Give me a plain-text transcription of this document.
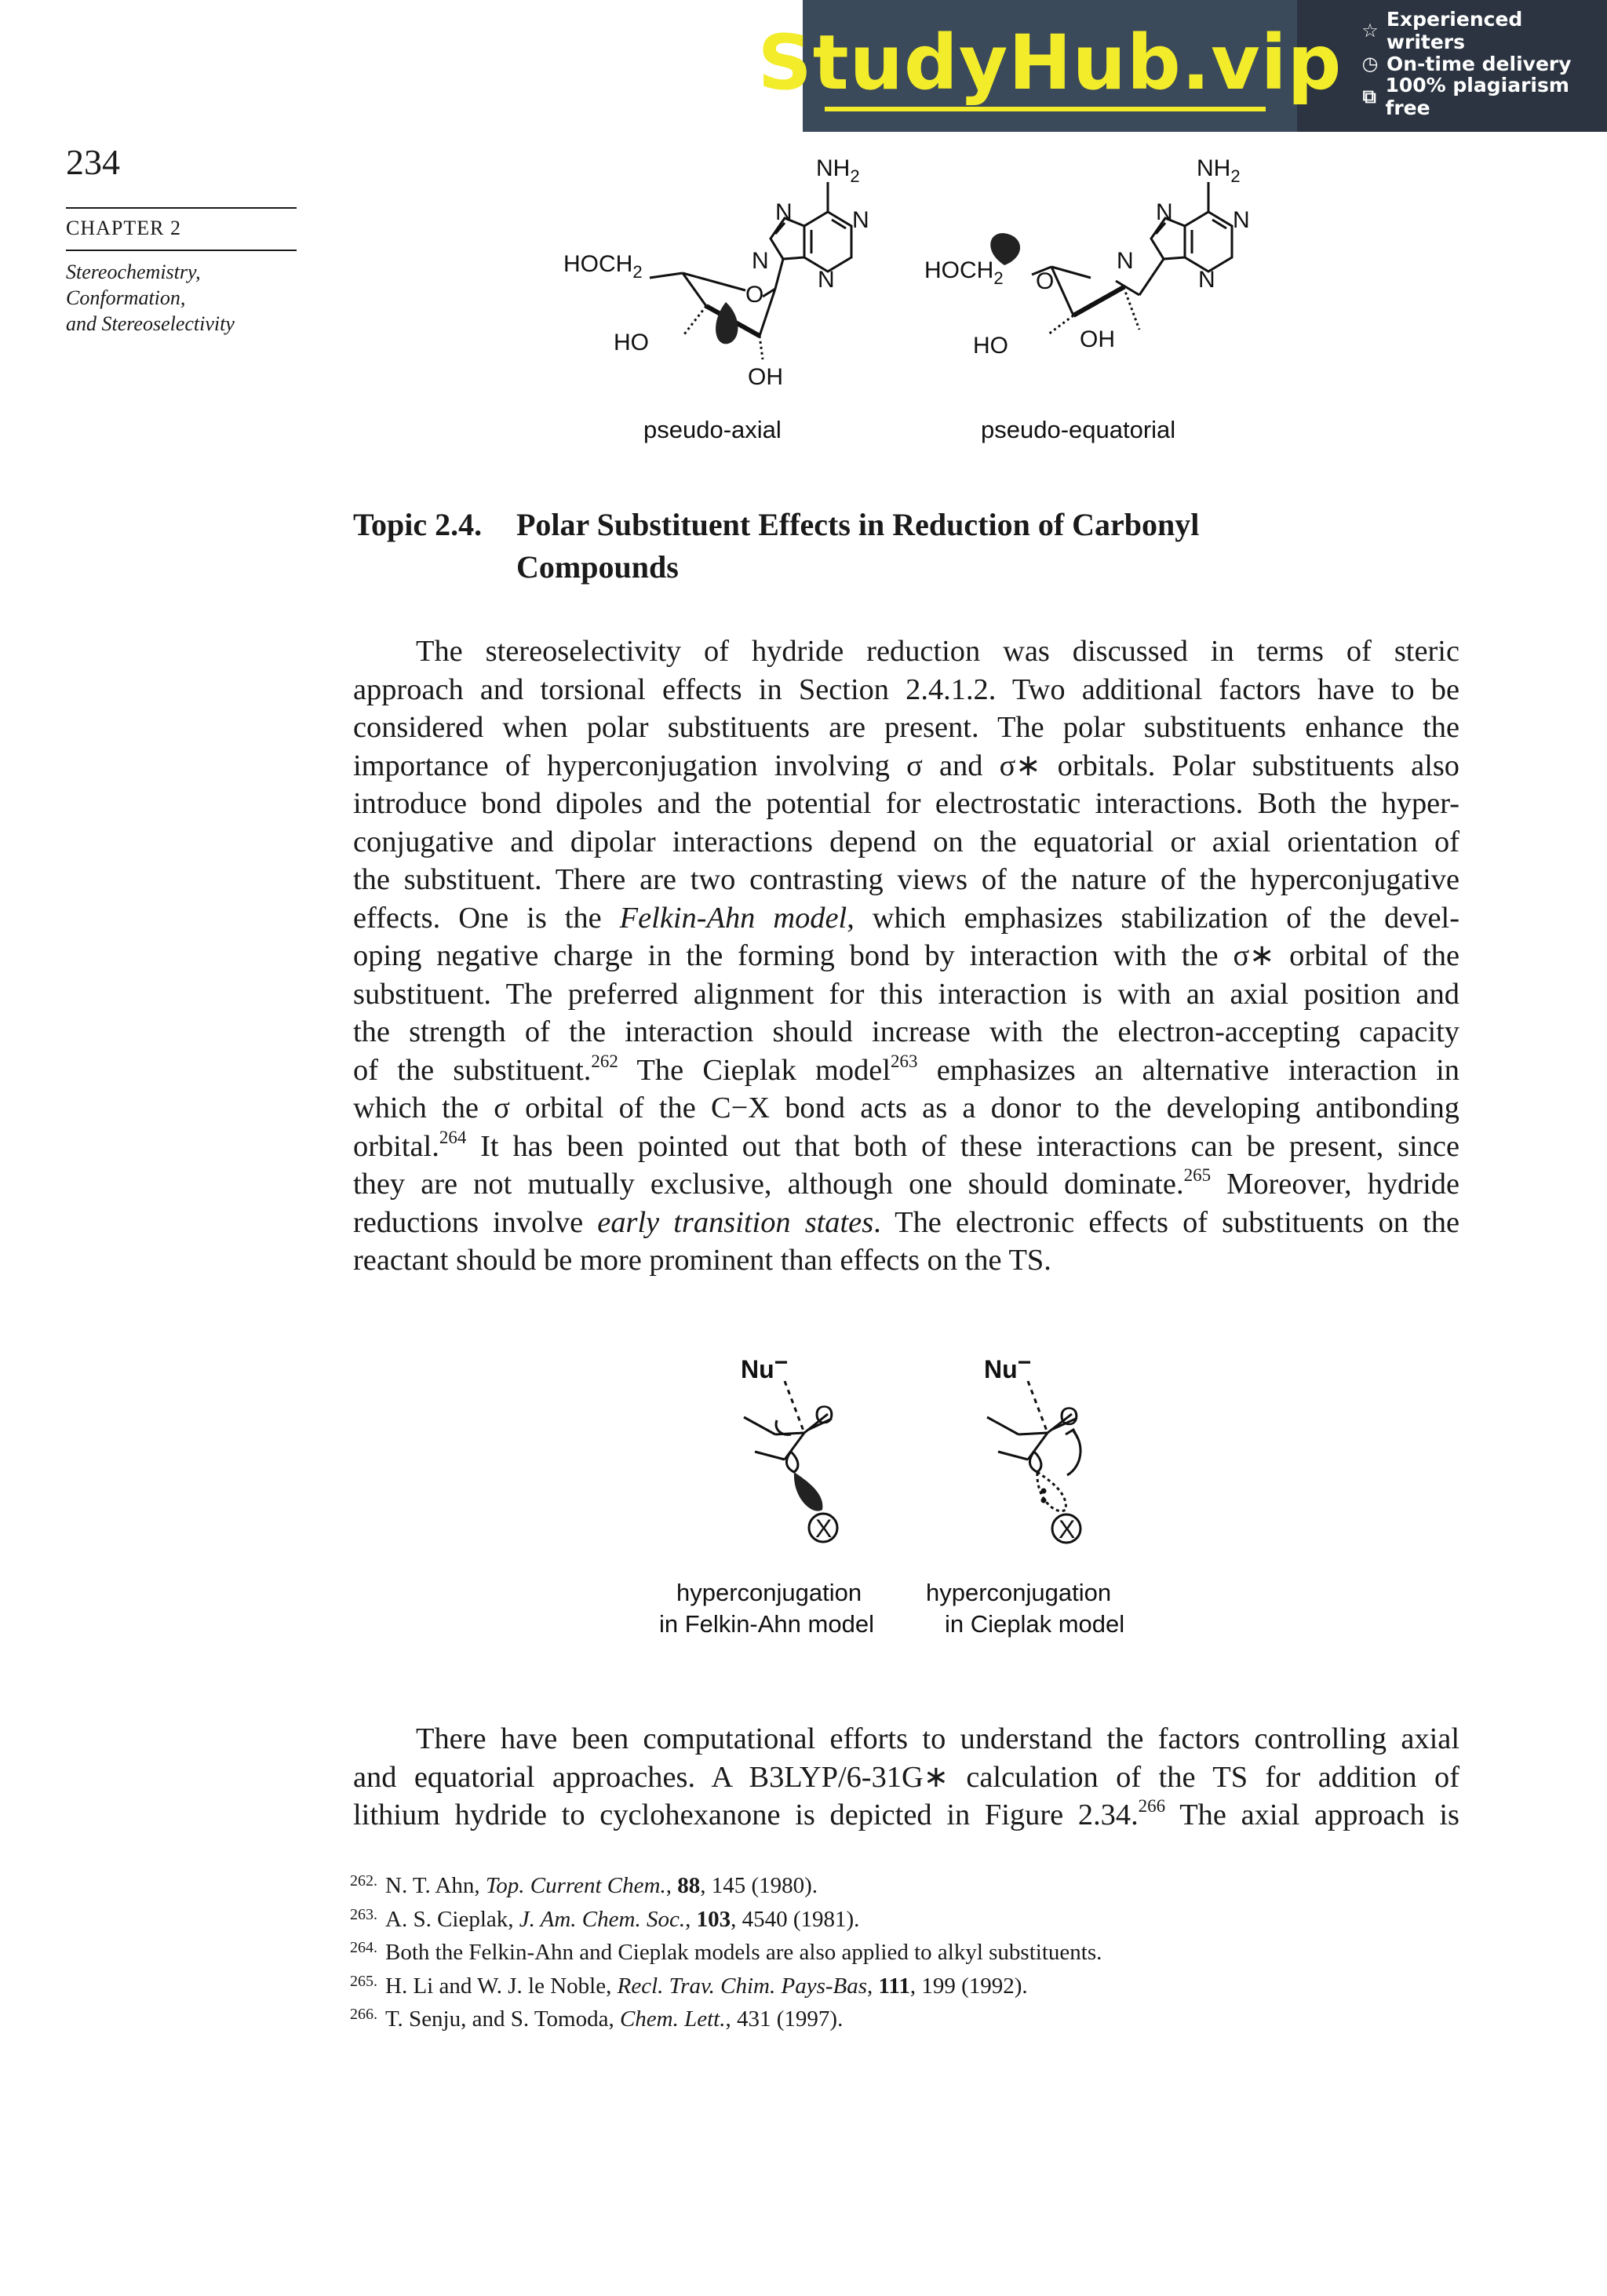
StudyHub.vip ☆ Experienced writers
◷ On-time delivery
⧉ 100% plagiarism free
234
CHAPTER 2
Stereochemistry,
Conformation,
and Stereoselectivity
$NH_2$
N	N
N
N
$HOCH_2$
O
HO
OH
pseudo-axial
$NH_2$
N	N
N
N
$HOCH_2$ O
HO	OH
pseudo-equatorial
Topic 2.4. Polar Substituent Effects in Reduction of Carbonyl
Compounds
The stereoselectivity of hydride reduction was discussed in terms of steric
approach and torsional effects in Section 2.4.1.2. Two additional factors have to be
considered when polar substituents are present. The polar substituents enhance the
importance of hyperconjugation involving σ and σ∗ orbitals. Polar substituents also
introduce bond dipoles and the potential for electrostatic interactions. Both the hyper-
conjugative and dipolar interactions depend on the equatorial or axial orientation of
the substituent. There are two contrasting views of the nature of the hyperconjugative
effects. One is the Felkin-Ahn model, which emphasizes stabilization of the devel-
oping negative charge in the forming bond by interaction with the σ∗ orbital of the
substituent. The preferred alignment for this interaction is with an axial position and
the strength of the interaction should increase with the electron-accepting capacity
of the substituent.$^{262}$ The Cieplak model$^{263}$ emphasizes an alternative interaction in
which the σ orbital of the C−X bond acts as a donor to the developing antibonding
orbital.$^{264}$ It has been pointed out that both of these interactions can be present, since
they are not mutually exclusive, although one should dominate.$^{265}$ Moreover, hydride
reductions involve early transition states. The electronic effects of substituents on the
reactant should be more prominent than effects on the TS.
Nu−
O
X
hyperconjugation
in Felkin-Ahn model
Nu−
O
X
hyperconjugation
in Cieplak model
There have been computational efforts to understand the factors controlling axial
and equatorial approaches. A B3LYP/6-31G∗ calculation of the TS for addition of
lithium hydride to cyclohexanone is depicted in Figure 2.34.$^{266}$ The axial approach is
$^{262.}$ N. T. Ahn, Top. Current Chem., 88, 145 (1980).
$^{263.}$ A. S. Cieplak, J. Am. Chem. Soc., 103, 4540 (1981).
$^{264.}$ Both the Felkin-Ahn and Cieplak models are also applied to alkyl substituents.
$^{265.}$ H. Li and W. J. le Noble, Recl. Trav. Chim. Pays-Bas, 111, 199 (1992).
$^{266.}$ T. Senju, and S. Tomoda, Chem. Lett., 431 (1997).
